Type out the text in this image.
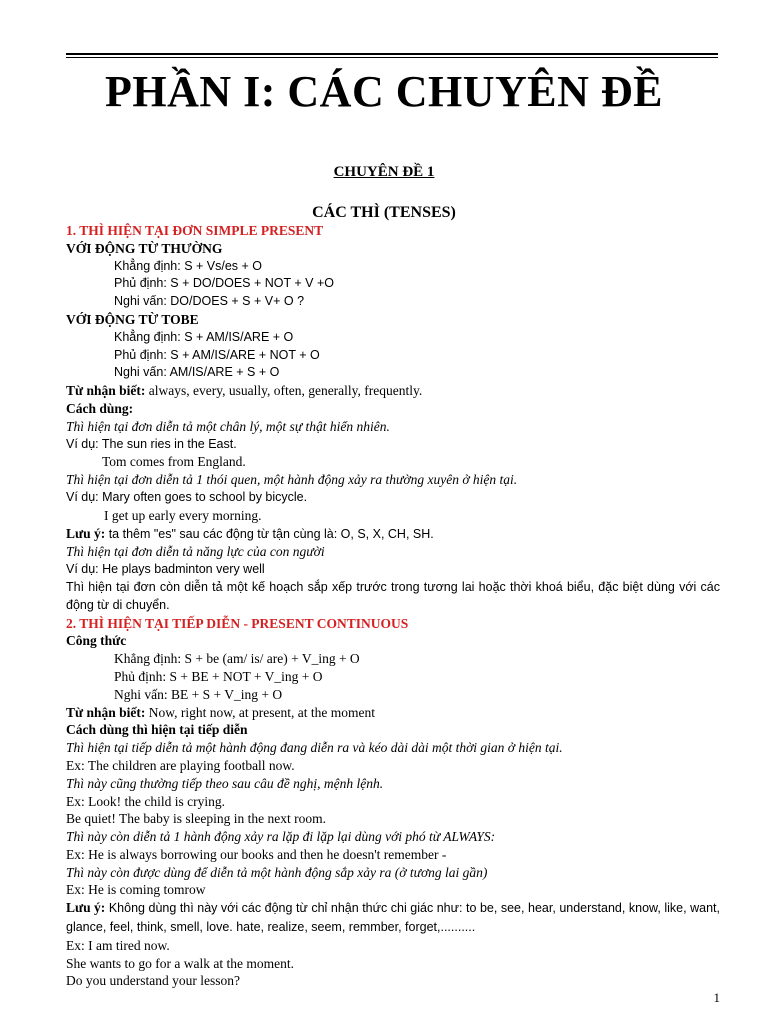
PHẦN I: CÁC CHUYÊN ĐỀ
CHUYÊN ĐỀ 1
CÁC THÌ (TENSES)
1. THÌ HIỆN TẠI ĐƠN SIMPLE PRESENT
VỚI ĐỘNG TỪ THƯỜNG
Khẳng định: S + Vs/es + O
Phủ định: S + DO/DOES + NOT + V +O
Nghi vấn: DO/DOES + S + V+ O ?
VỚI ĐỘNG TỪ TOBE
Khẳng định: S + AM/IS/ARE + O
Phủ định: S + AM/IS/ARE + NOT + O
Nghi vấn: AM/IS/ARE + S + O
Từ nhận biết: always, every, usually, often, generally, frequently.
Cách dùng:
Thì hiện tại đơn diễn tả một chân lý, một sự thật hiển nhiên.
Ví dụ: The sun ries in the East.
Tom comes from England.
Thì hiện tại đơn diễn tả 1 thói quen, một hành động xảy ra thường xuyên ở hiện tại.
Ví dụ: Mary often goes to school by bicycle.
I get up early every morning.
Lưu ý: ta thêm "es" sau các động từ tận cùng là: O, S, X, CH, SH.
Thì hiện tại đơn diễn tả năng lực của con người
Ví dụ: He plays badminton very well
Thì hiện tại đơn còn diễn tả một kế hoạch sắp xếp trước trong tương lai hoặc thời khoá biểu, đặc biệt dùng với các động từ di chuyển.
2. THÌ HIỆN TẠI TIẾP DIỄN - PRESENT CONTINUOUS
Công thức
Khẳng định: S + be (am/ is/ are) + V_ing + O
Phủ định: S + BE + NOT + V_ing + O
Nghi vấn: BE + S + V_ing + O
Từ nhận biết: Now, right now, at present, at the moment
Cách dùng thì hiện tại tiếp diễn
Thì hiện tại tiếp diễn tả một hành động đang diễn ra và kéo dài dài một thời gian ở hiện tại.
Ex: The children are playing football now.
Thì này cũng thường tiếp theo sau câu đề nghị, mệnh lệnh.
Ex: Look! the child is crying.
Be quiet! The baby is sleeping in the next room.
Thì này còn diễn tả 1 hành động xảy ra lặp đi lặp lại dùng với phó từ ALWAYS:
Ex: He is always borrowing our books and then he doesn't remember -
Thì này còn được dùng để diễn tả một hành động sắp xảy ra (ở tương lai gần)
Ex: He is coming tomrow
Lưu ý: Không dùng thì này với các động từ chỉ nhận thức chi giác như: to be, see, hear, understand, know, like, want, glance, feel, think, smell, love. hate, realize, seem, remmber, forget,..........
Ex: I am tired now.
She wants to go for a walk at the moment.
Do you understand your lesson?
1
